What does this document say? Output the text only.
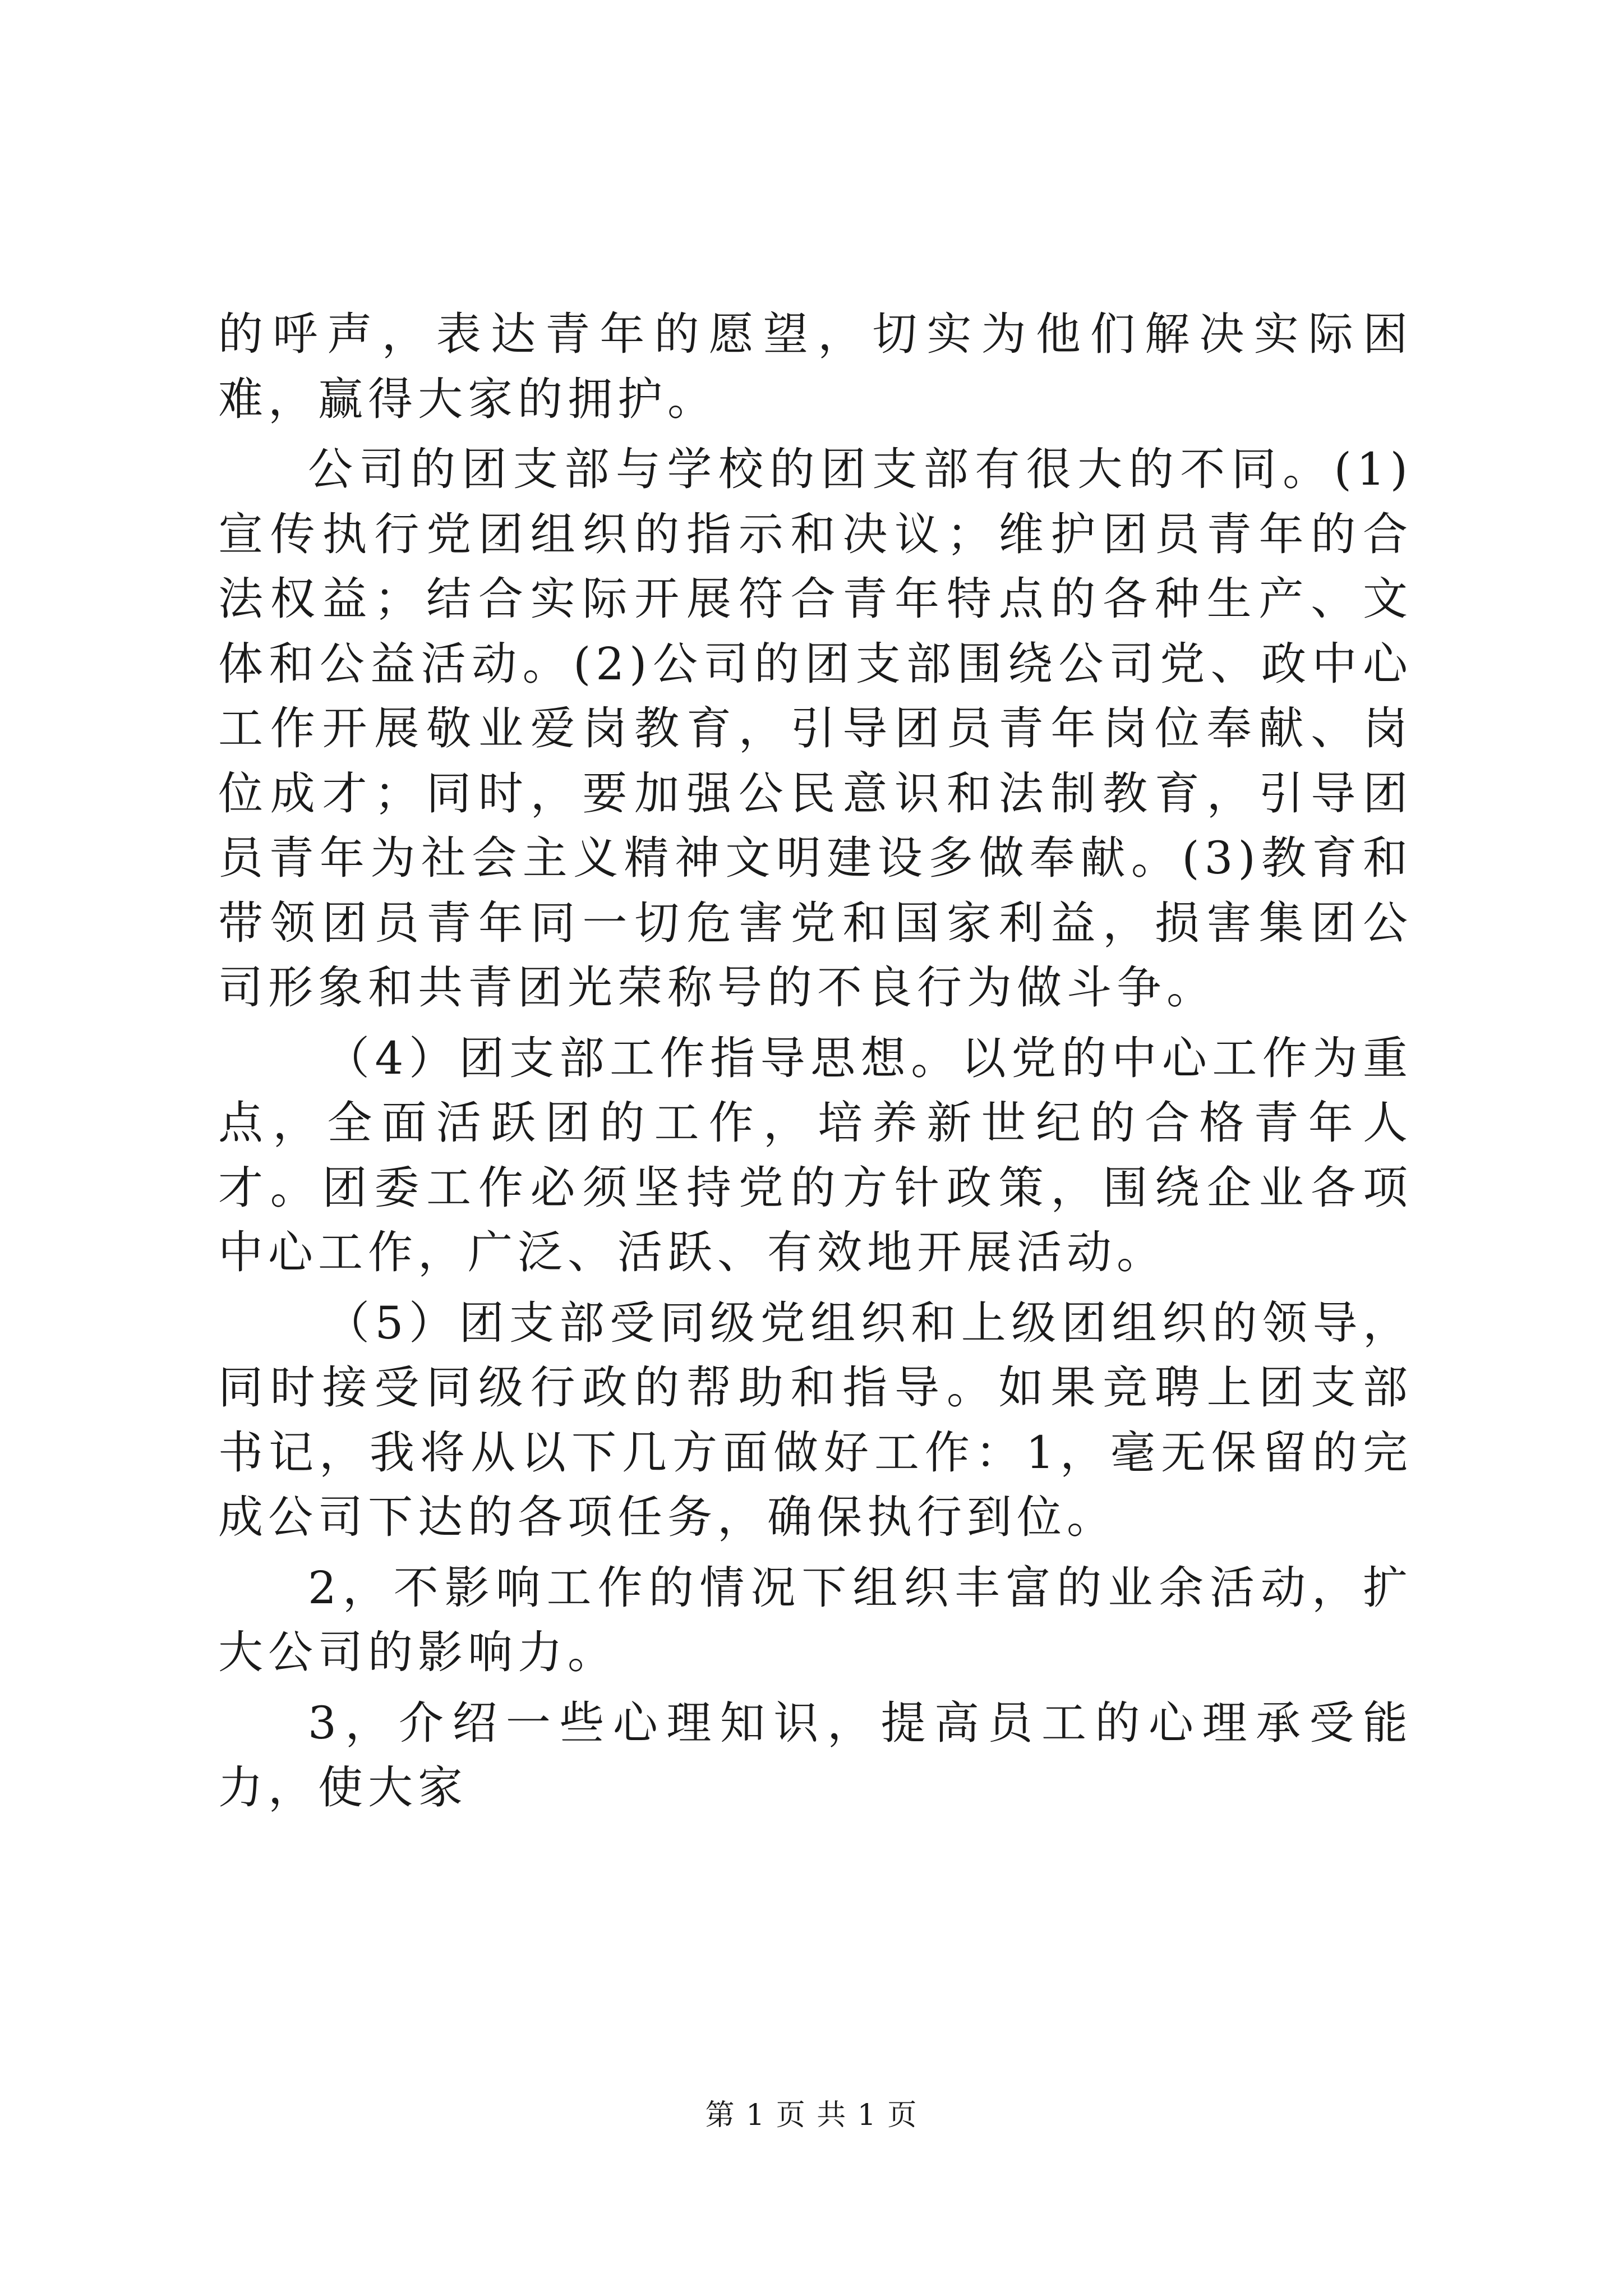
的呼声，表达青年的愿望，切实为他们解决实际困难，赢得大家的拥护。

公司的团支部与学校的团支部有很大的不同。(1)宣传执行党团组织的指示和决议；维护团员青年的合法权益；结合实际开展符合青年特点的各种生产、文体和公益活动。(2)公司的团支部围绕公司党、政中心工作开展敬业爱岗教育，引导团员青年岗位奉献、岗位成才；同时，要加强公民意识和法制教育，引导团员青年为社会主义精神文明建设多做奉献。(3)教育和带领团员青年同一切危害党和国家利益，损害集团公司形象和共青团光荣称号的不良行为做斗争。

（4）团支部工作指导思想。以党的中心工作为重点，全面活跃团的工作，培养新世纪的合格青年人才。团委工作必须坚持党的方针政策，围绕企业各项中心工作，广泛、活跃、有效地开展活动。

（5）团支部受同级党组织和上级团组织的领导，同时接受同级行政的帮助和指导。如果竞聘上团支部书记，我将从以下几方面做好工作：1，毫无保留的完成公司下达的各项任务，确保执行到位。

2，不影响工作的情况下组织丰富的业余活动，扩大公司的影响力。

3，介绍一些心理知识，提高员工的心理承受能力，使大家

第 1 页 共 1 页
